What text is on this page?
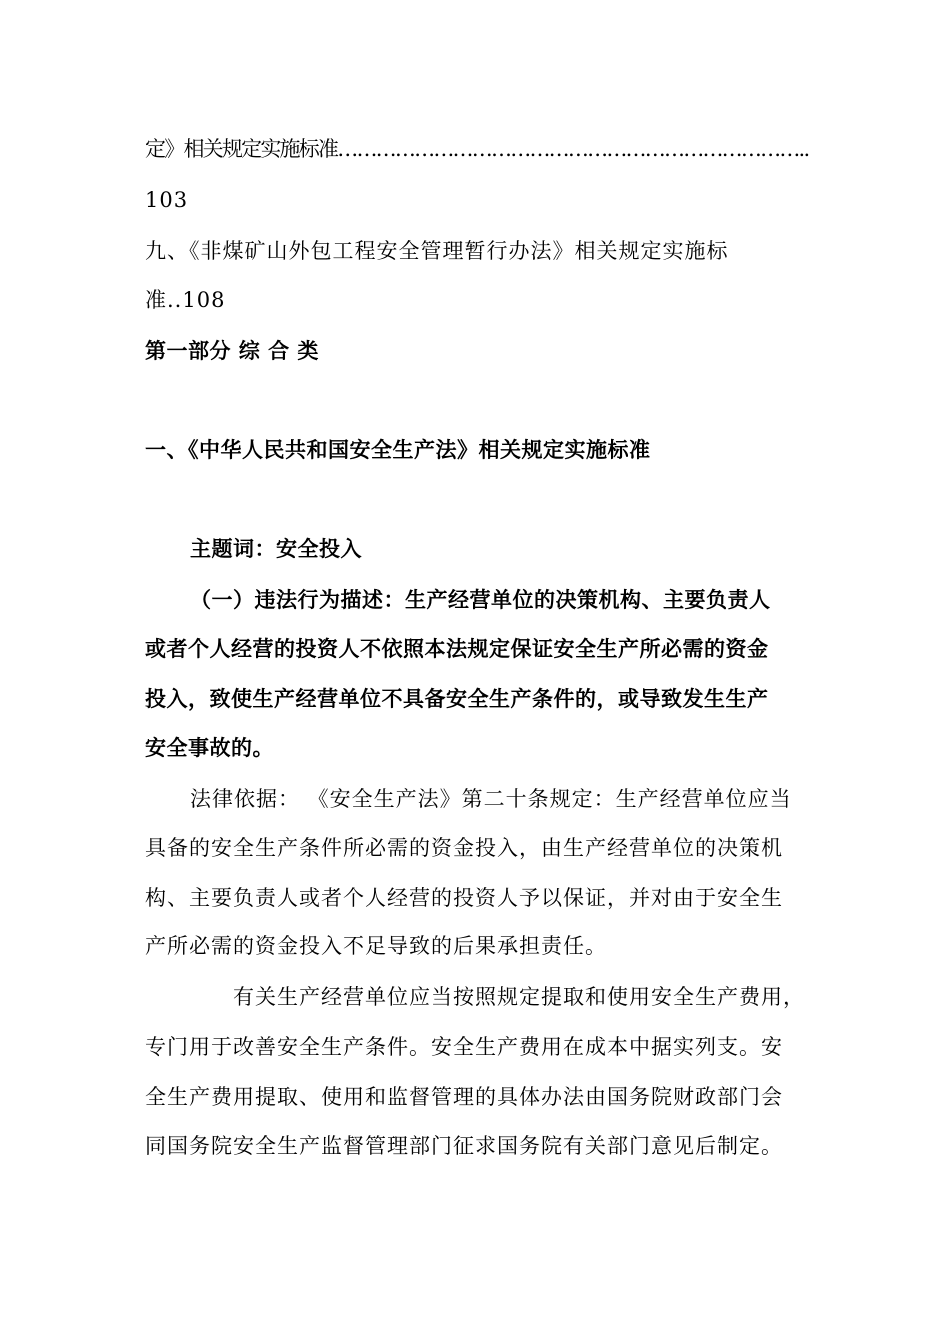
定》相关规定实施标准………………………………………………………………..
103
九、《非煤矿山外包工程安全管理暂行办法》相关规定实施标
准..108
第一部分 综 合 类
一、《中华人民共和国安全生产法》相关规定实施标准
主题词：安全投入
（一）违法行为描述：生产经营单位的决策机构、主要负责人
或者个人经营的投资人不依照本法规定保证安全生产所必需的资金
投入，致使生产经营单位不具备安全生产条件的，或导致发生生产
安全事故的。
法律依据： 《安全生产法》第二十条规定：生产经营单位应当
具备的安全生产条件所必需的资金投入，由生产经营单位的决策机
构、主要负责人或者个人经营的投资人予以保证，并对由于安全生
产所必需的资金投入不足导致的后果承担责任。
有关生产经营单位应当按照规定提取和使用安全生产费用，
专门用于改善安全生产条件。安全生产费用在成本中据实列支。安
全生产费用提取、使用和监督管理的具体办法由国务院财政部门会
同国务院安全生产监督管理部门征求国务院有关部门意见后制定。
